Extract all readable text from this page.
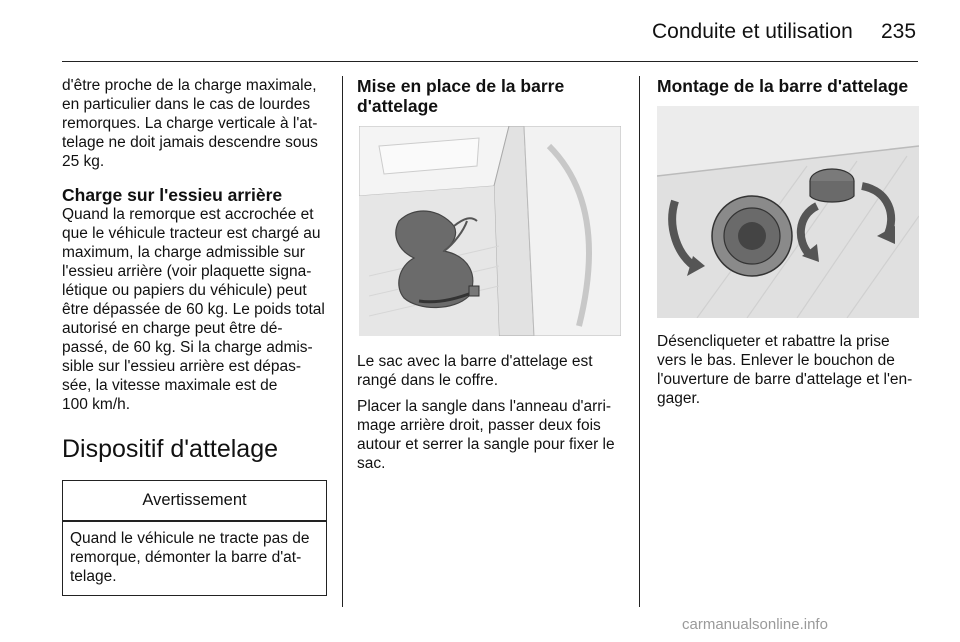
Conduite et utilisation 235

d'être proche de la charge maximale,
en particulier dans le cas de lourdes
remorques. La charge verticale à l'at-
telage ne doit jamais descendre sous
25 kg.

Charge sur l'essieu arrière

Quand la remorque est accrochée et
que le véhicule tracteur est chargé au
maximum, la charge admissible sur
l'essieu arrière (voir plaquette signa-
létique ou papiers du véhicule) peut
être dépassée de 60 kg. Le poids total
autorisé en charge peut être dé-
passé, de 60 kg. Si la charge admis-
sible sur l'essieu arrière est dépas-
sée, la vitesse maximale est de
100 km/h.

Dispositif d'attelage
Avertissement
Quand le véhicule ne tracte pas de
remorque, démonter la barre d'at-
telage.
Mise en place de la barre
d'attelage

Le sac avec la barre d'attelage est
rangé dans le coffre.

Placer la sangle dans l'anneau d'arri-
mage arrière droit, passer deux fois
autour et serrer la sangle pour fixer le
sac.

Montage de la barre d'attelage

Désencliqueter et rabattre la prise
vers le bas. Enlever le bouchon de
l'ouverture de barre d'attelage et l'en-
gager.

carmanualsonline.info
